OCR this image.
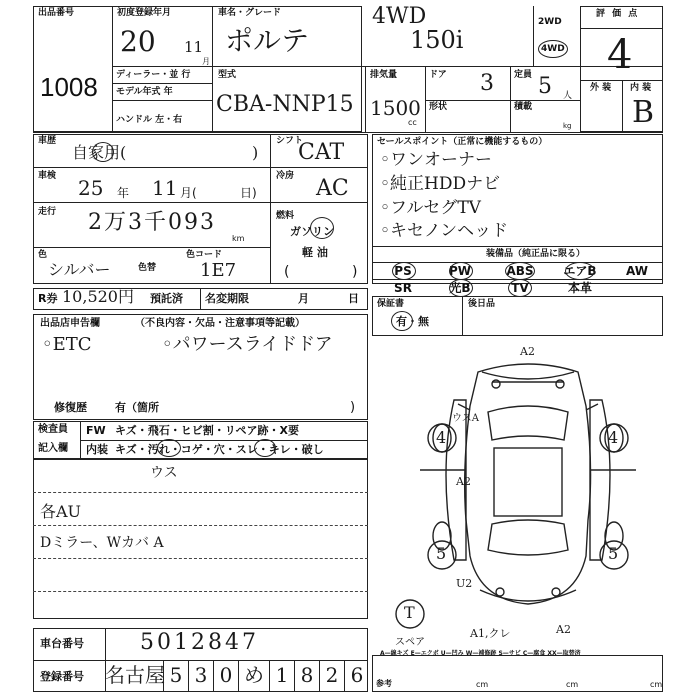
出品番号
1008
初度登録年月
20 11
月
車名・グレード
ポルテ
4WD
150i
2WD
4WD
評 価 点
4
外 装 内 装
B
ディーラー・並 行
モデル年式 年
ハンドル 左・右
型式
CBA-NNP15
排気量
1500
cc
ドア 3 定員 5 人
形状	積載
kg
車歴
自家用(	)
車検 25 年 11 月(	日)
走行 2万3千093
km
色
シルバー	色替
色コード
1E7
シフト
CAT
冷房 AC
燃料
ガソリン
軽 油
(	)
セールスポイント（正常に機能するもの）
◦ワンオーナー
◦純正HDDナビ
◦フルセグTV
◦キセノンヘッド
装備品（純正品に限る）
PS	PW	ABS	エアB	AW
SR	光B	TV	本革
R券 10,520円 預託済 名変期限	月	日 保証書
有・無
後日品
出品店申告欄	（不良内容・欠品・注意事項等記載）
◦ETC	◦パワースライドドア
修復歴	有（箇所	)
検査員
記入欄
FW キズ・飛石・ヒビ割・リペア跡・X要
内装 キズ・汚れ・コゲ・穴・スレ・キレ・破し
ウス
各AU
Dミラー、Wカバ A
車台番号	5012847
登録番号 名古屋 5 3 0 め 1 8 2 6	参考	cm	cm	cm
A2
ウスA
4	4
A2
5	5
U2
A1,クレ	A2
T
スペア
A—線キズ E—エクボ U—凹み W—補修跡 S—サビ C—腐食 XX—取替済
